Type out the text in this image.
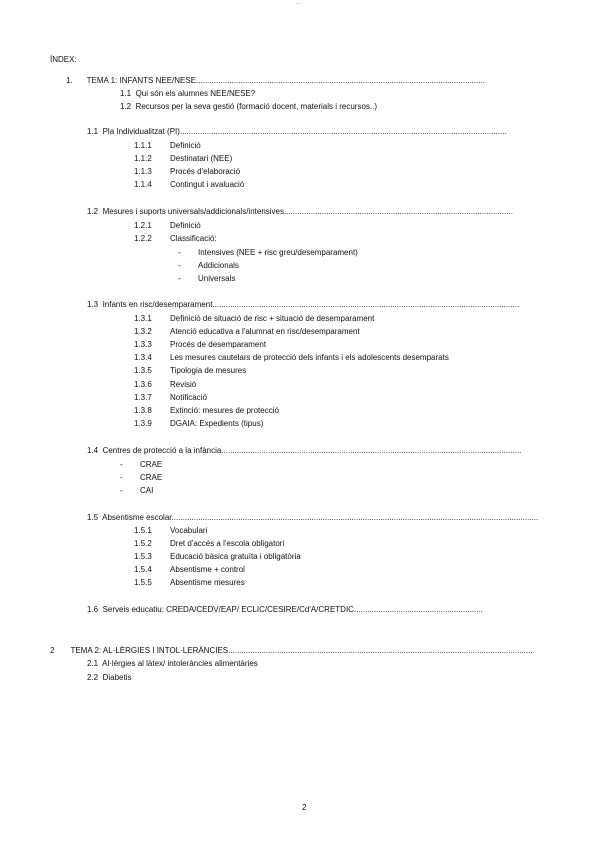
...
ÍNDEX:
1. TEMA 1: INFANTS NEE/NESE..................................................................................................................................
1.1 Qui són els alumnes NEE/NESE?
1.2 Recursos per la seva gestió (formació docent, materials i recursos..)
1.1 Pla Individualitzat (PI)...................................................................................................................................................
1.1.1 Definició
1.1.2 Destinatari (NEE)
1.1.3 Procés d'elaboració
1.1.4 Contingut i avaluació
1.2 Mesures i suports universals/addicionals/intensives.......................................................................................................
1.2.1 Definició
1.2.2 Classificació:
- Intensives (NEE + risc greu/desemparament)
- Addicionals
- Universals
1.3 Infants en risc/desemparament..........................................................................................................................................
1.3.1 Definició de situació de risc + situació de desemparament
1.3.2 Atenció educativa a l'alumnat en risc/desemparament
1.3.3 Procés de desemparament
1.3.4 Les mesures cautelars de protecció dels infants i els adolescents desemparats
1.3.5 Tipologia de mesures
1.3.6 Revisió
1.3.7 Notificació
1.3.8 Extinció: mesures de protecció
1.3.9 DGAIA: Expedients (tipus)
1.4 Centres de protecció a la infància.......................................................................................................................................
- CRAE
- CRAE
- CAI
1.5 Absentisme escolar.....................................................................................................................................................................
1.5.1 Vocabulari
1.5.2 Dret d'accés a l'escola obligatori
1.5.3 Educació bàsica gratuïta i obligatòria
1.5.4 Absentisme + control
1.5.5 Absentisme mesures
1.6 Serveis educatiu: CREDA/CEDV/EAP/ ECLIC/CESIRE/Cd'A/CRETDIC..........................................................
2 TEMA 2: AL·LÈRGIES I INTOL·LERÀNCIES.........................................................................................................................................
2.1 Al·lèrgies al làtex/ intoleràncies alimentàries
2.2 Diabetis
2
